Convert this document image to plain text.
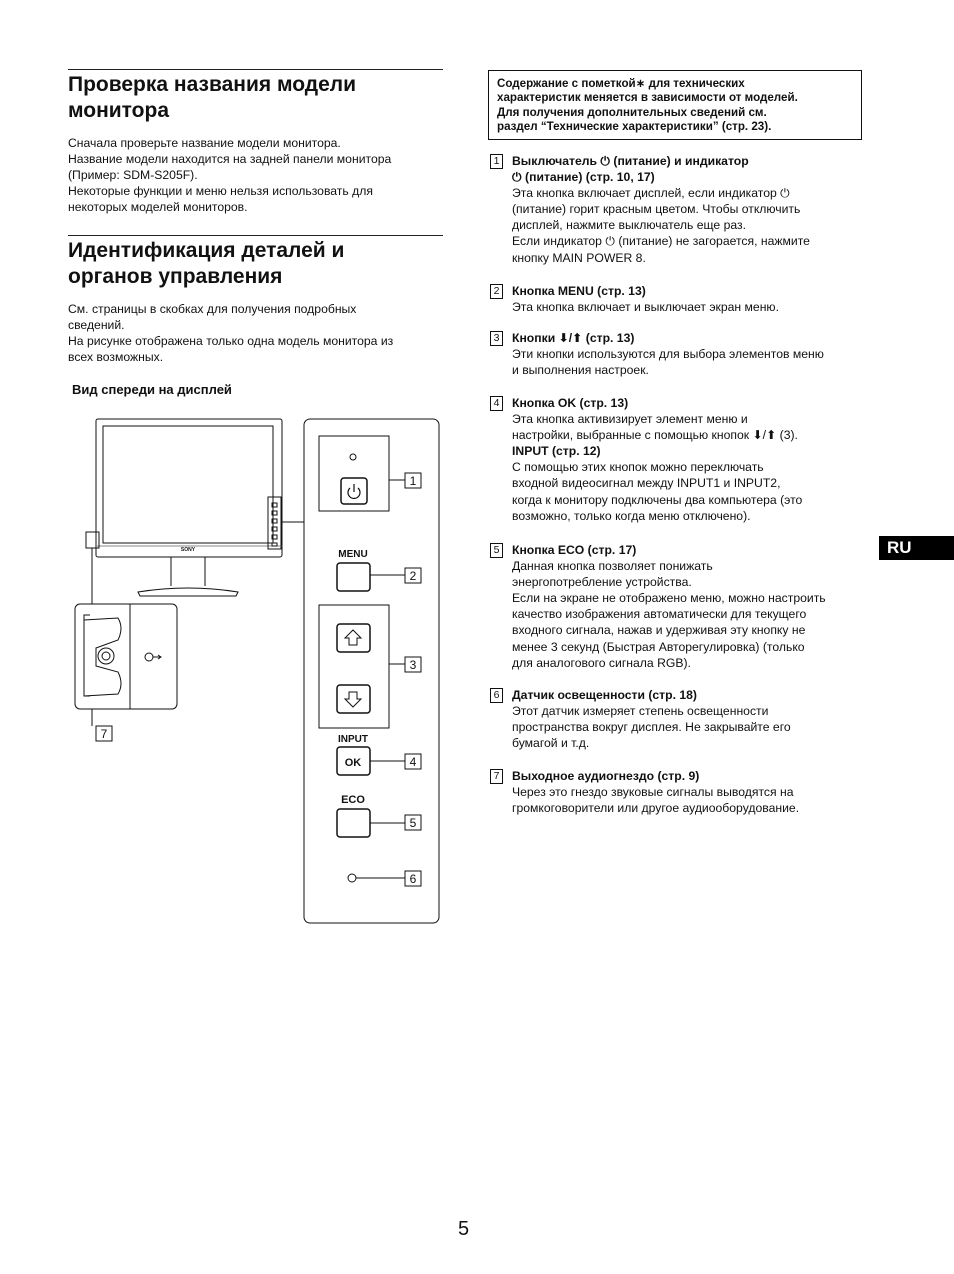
Проверка названия модели
монитора

Сначала проверьте название модели монитора.
Название модели находится на задней панели монитора
(Пример: SDM-S205F).
Некоторые функции и меню нельзя использовать для
некоторых моделей мониторов.

Идентификация деталей и
органов управления

См. страницы в скобках для получения подробных
сведений.
На рисунке отображена только одна модель монитора из
всех возможных.

Вид спереди на дисплей
SONY	MENU
INPUT
OK
ECO
1
2
3
4
5
6
7
Содержание с пометкой∗ для технических
характеристик меняется в зависимости от моделей.
Для получения дополнительных сведений см.
раздел “Технические характеристики” (стр. 23).
1 Выключатель ⏻ (питание) и индикатор
⏻ (питание) (стр. 10, 17)
Эта кнопка включает дисплей, если индикатор ⏻
(питание) горит красным цветом. Чтобы отключить
дисплей, нажмите выключатель еще раз.
Если индикатор ⏻ (питание) не загорается, нажмите
кнопку MAIN POWER 8.
2 Кнопка MENU (стр. 13)
Эта кнопка включает и выключает экран меню.
3 Кнопки ⬇/⬆ (стр. 13)
Эти кнопки используются для выбора элементов меню
и выполнения настроек.
4 Кнопка OK (стр. 13)
Эта кнопка активизирует элемент меню и
настройки, выбранные с помощью кнопок ⬇/⬆ (3).
INPUT (стр. 12)
С помощью этих кнопок можно переключать
входной видеосигнал между INPUT1 и INPUT2,
когда к монитору подключены два компьютера (это
возможно, только когда меню отключено).
5 Кнопка ECO (стр. 17)
Данная кнопка позволяет понижать
энергопотребление устройства.
Если на экране не отображено меню, можно настроить
качество изображения автоматически для текущего
входного сигнала, нажав и удерживая эту кнопку не
менее 3 секунд (Быстрая Авторегулировка) (только
для аналогового сигнала RGB).
6 Датчик освещенности (стр. 18)
Этот датчик измеряет степень освещенности
пространства вокруг дисплея. Не закрывайте его
бумагой и т.д.
7 Выходное аудиогнездо (стр. 9)
Через это гнездо звуковые сигналы выводятся на
громкоговорители или другое аудиооборудование.
RU
5
